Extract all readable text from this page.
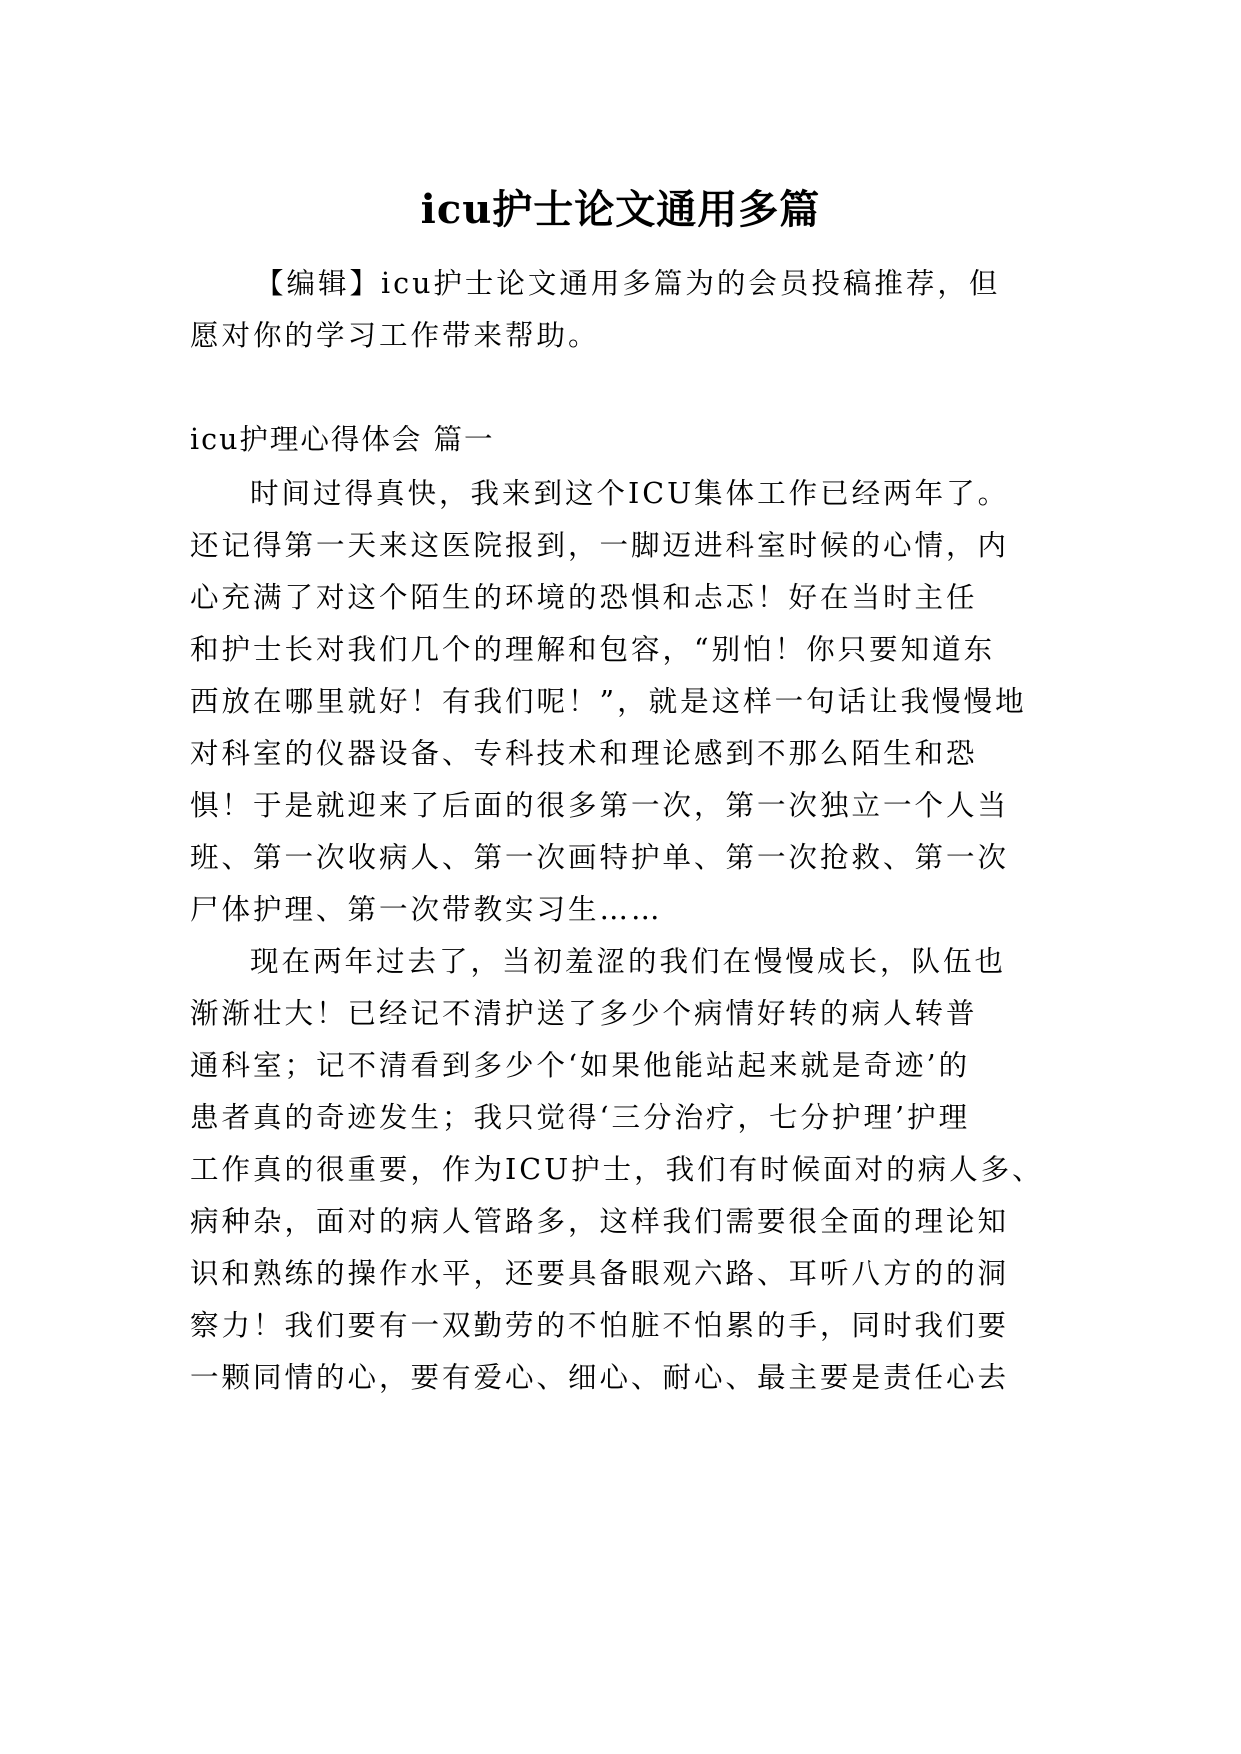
icu护士论文通用多篇

【编辑】icu护士论文通用多篇为的会员投稿推荐，但

愿对你的学习工作带来帮助。

icu护理心得体会 篇一

时间过得真快，我来到这个ICU集体工作已经两年了。

还记得第一天来这医院报到，一脚迈进科室时候的心情，内

心充满了对这个陌生的环境的恐惧和忐忑！好在当时主任

和护士长对我们几个的理解和包容，“别怕！你只要知道东

西放在哪里就好！有我们呢！”，就是这样一句话让我慢慢地

对科室的仪器设备、专科技术和理论感到不那么陌生和恐

惧！于是就迎来了后面的很多第一次，第一次独立一个人当

班、第一次收病人、第一次画特护单、第一次抢救、第一次

尸体护理、第一次带教实习生……

现在两年过去了，当初羞涩的我们在慢慢成长，队伍也

渐渐壮大！已经记不清护送了多少个病情好转的病人转普

通科室；记不清看到多少个‘如果他能站起来就是奇迹’的

患者真的奇迹发生；我只觉得‘三分治疗，七分护理’护理

工作真的很重要，作为ICU护士，我们有时候面对的病人多、

病种杂，面对的病人管路多，这样我们需要很全面的理论知

识和熟练的操作水平，还要具备眼观六路、耳听八方的的洞

察力！我们要有一双勤劳的不怕脏不怕累的手，同时我们要

一颗同情的心，要有爱心、细心、耐心、最主要是责任心去
